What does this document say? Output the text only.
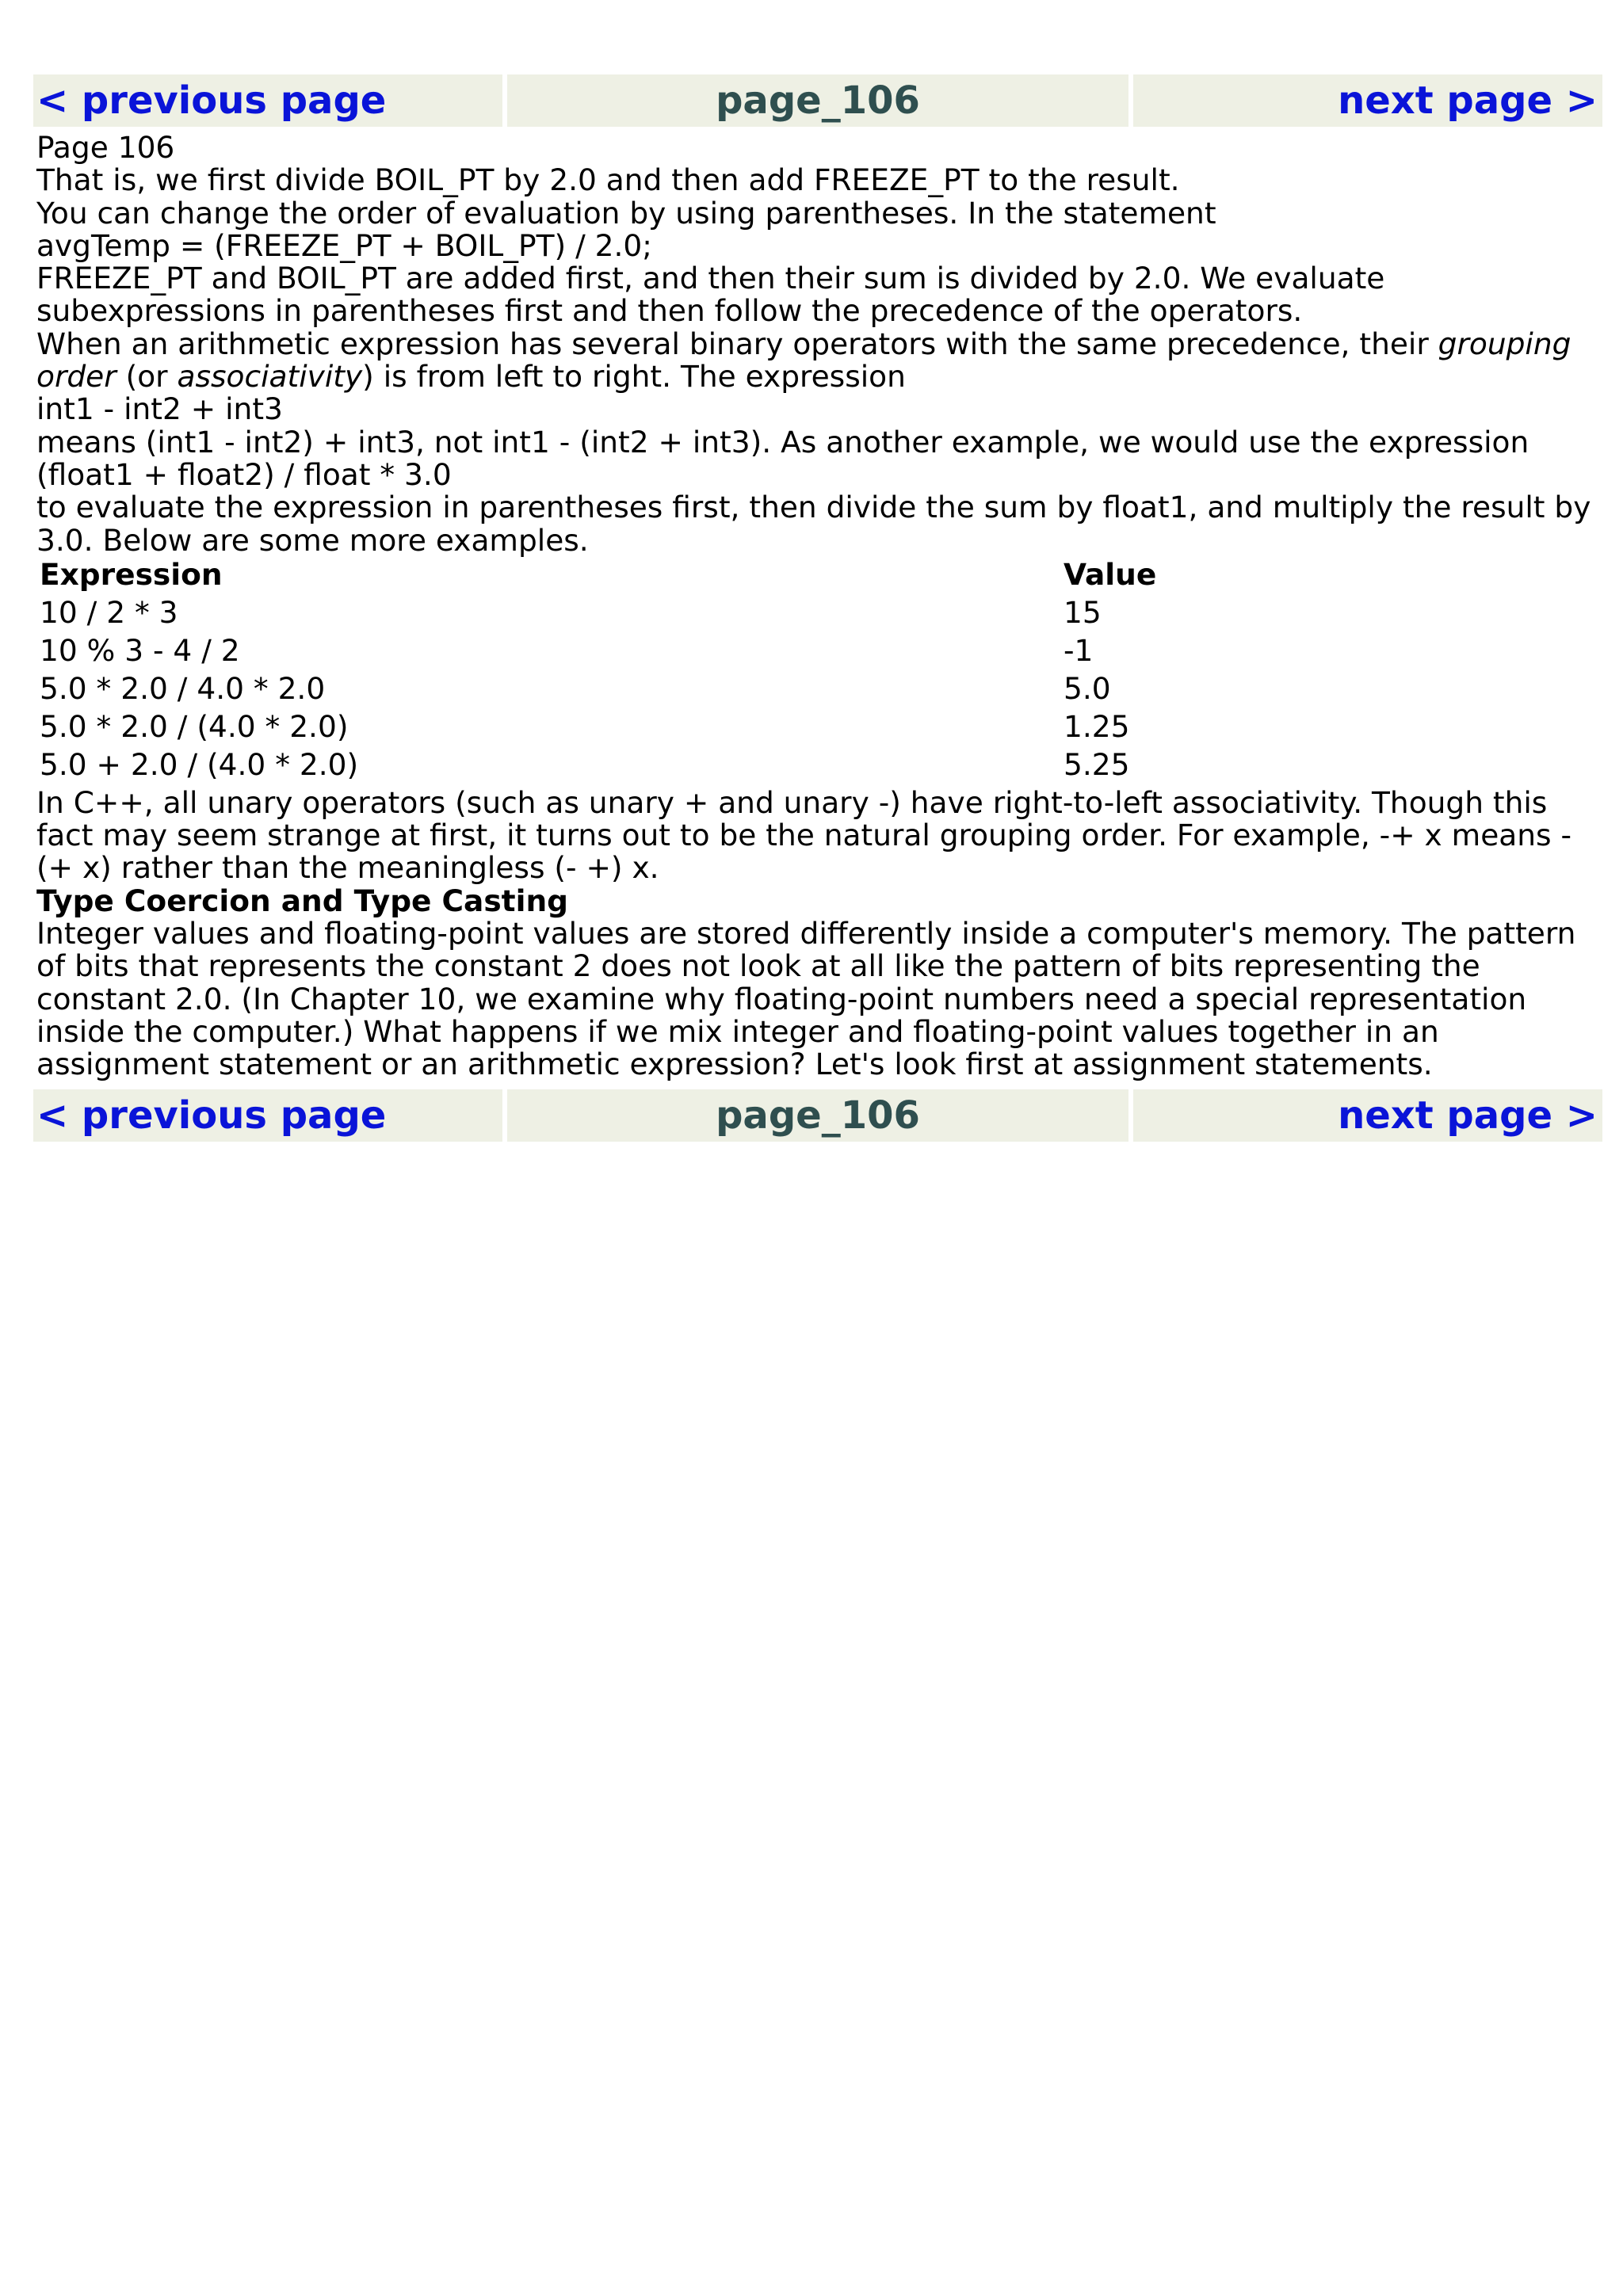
< previous page	page_106	next page >

Page 106

That is, we first divide BOIL_PT by 2.0 and then add FREEZE_PT to the result.

You can change the order of evaluation by using parentheses. In the statement

avgTemp = (FREEZE_PT + BOIL_PT) / 2.0;

FREEZE_PT and BOIL_PT are added first, and then their sum is divided by 2.0. We evaluate subexpressions in parentheses first and then follow the precedence of the operators.

When an arithmetic expression has several binary operators with the same precedence, their grouping order (or associativity) is from left to right. The expression

int1 - int2 + int3

means (int1 - int2) + int3, not int1 - (int2 + int3). As another example, we would use the expression

(float1 + float2) / float * 3.0

to evaluate the expression in parentheses first, then divide the sum by float1, and multiply the result by 3.0. Below are some more examples.

Expression	Value
10 / 2 * 3	15
10 % 3 - 4 / 2	-1
5.0 * 2.0 / 4.0 * 2.0	5.0
5.0 * 2.0 / (4.0 * 2.0)	1.25
5.0 + 2.0 / (4.0 * 2.0)	5.25

In C++, all unary operators (such as unary + and unary -) have right-to-left associativity. Though this fact may seem strange at first, it turns out to be the natural grouping order. For example, -+ x means - (+ x) rather than the meaningless (- +) x.

Type Coercion and Type Casting

Integer values and floating-point values are stored differently inside a computer's memory. The pattern of bits that represents the constant 2 does not look at all like the pattern of bits representing the constant 2.0. (In Chapter 10, we examine why floating-point numbers need a special representation inside the computer.) What happens if we mix integer and floating-point values together in an assignment statement or an arithmetic expression? Let's look first at assignment statements.

< previous page	page_106	next page >
